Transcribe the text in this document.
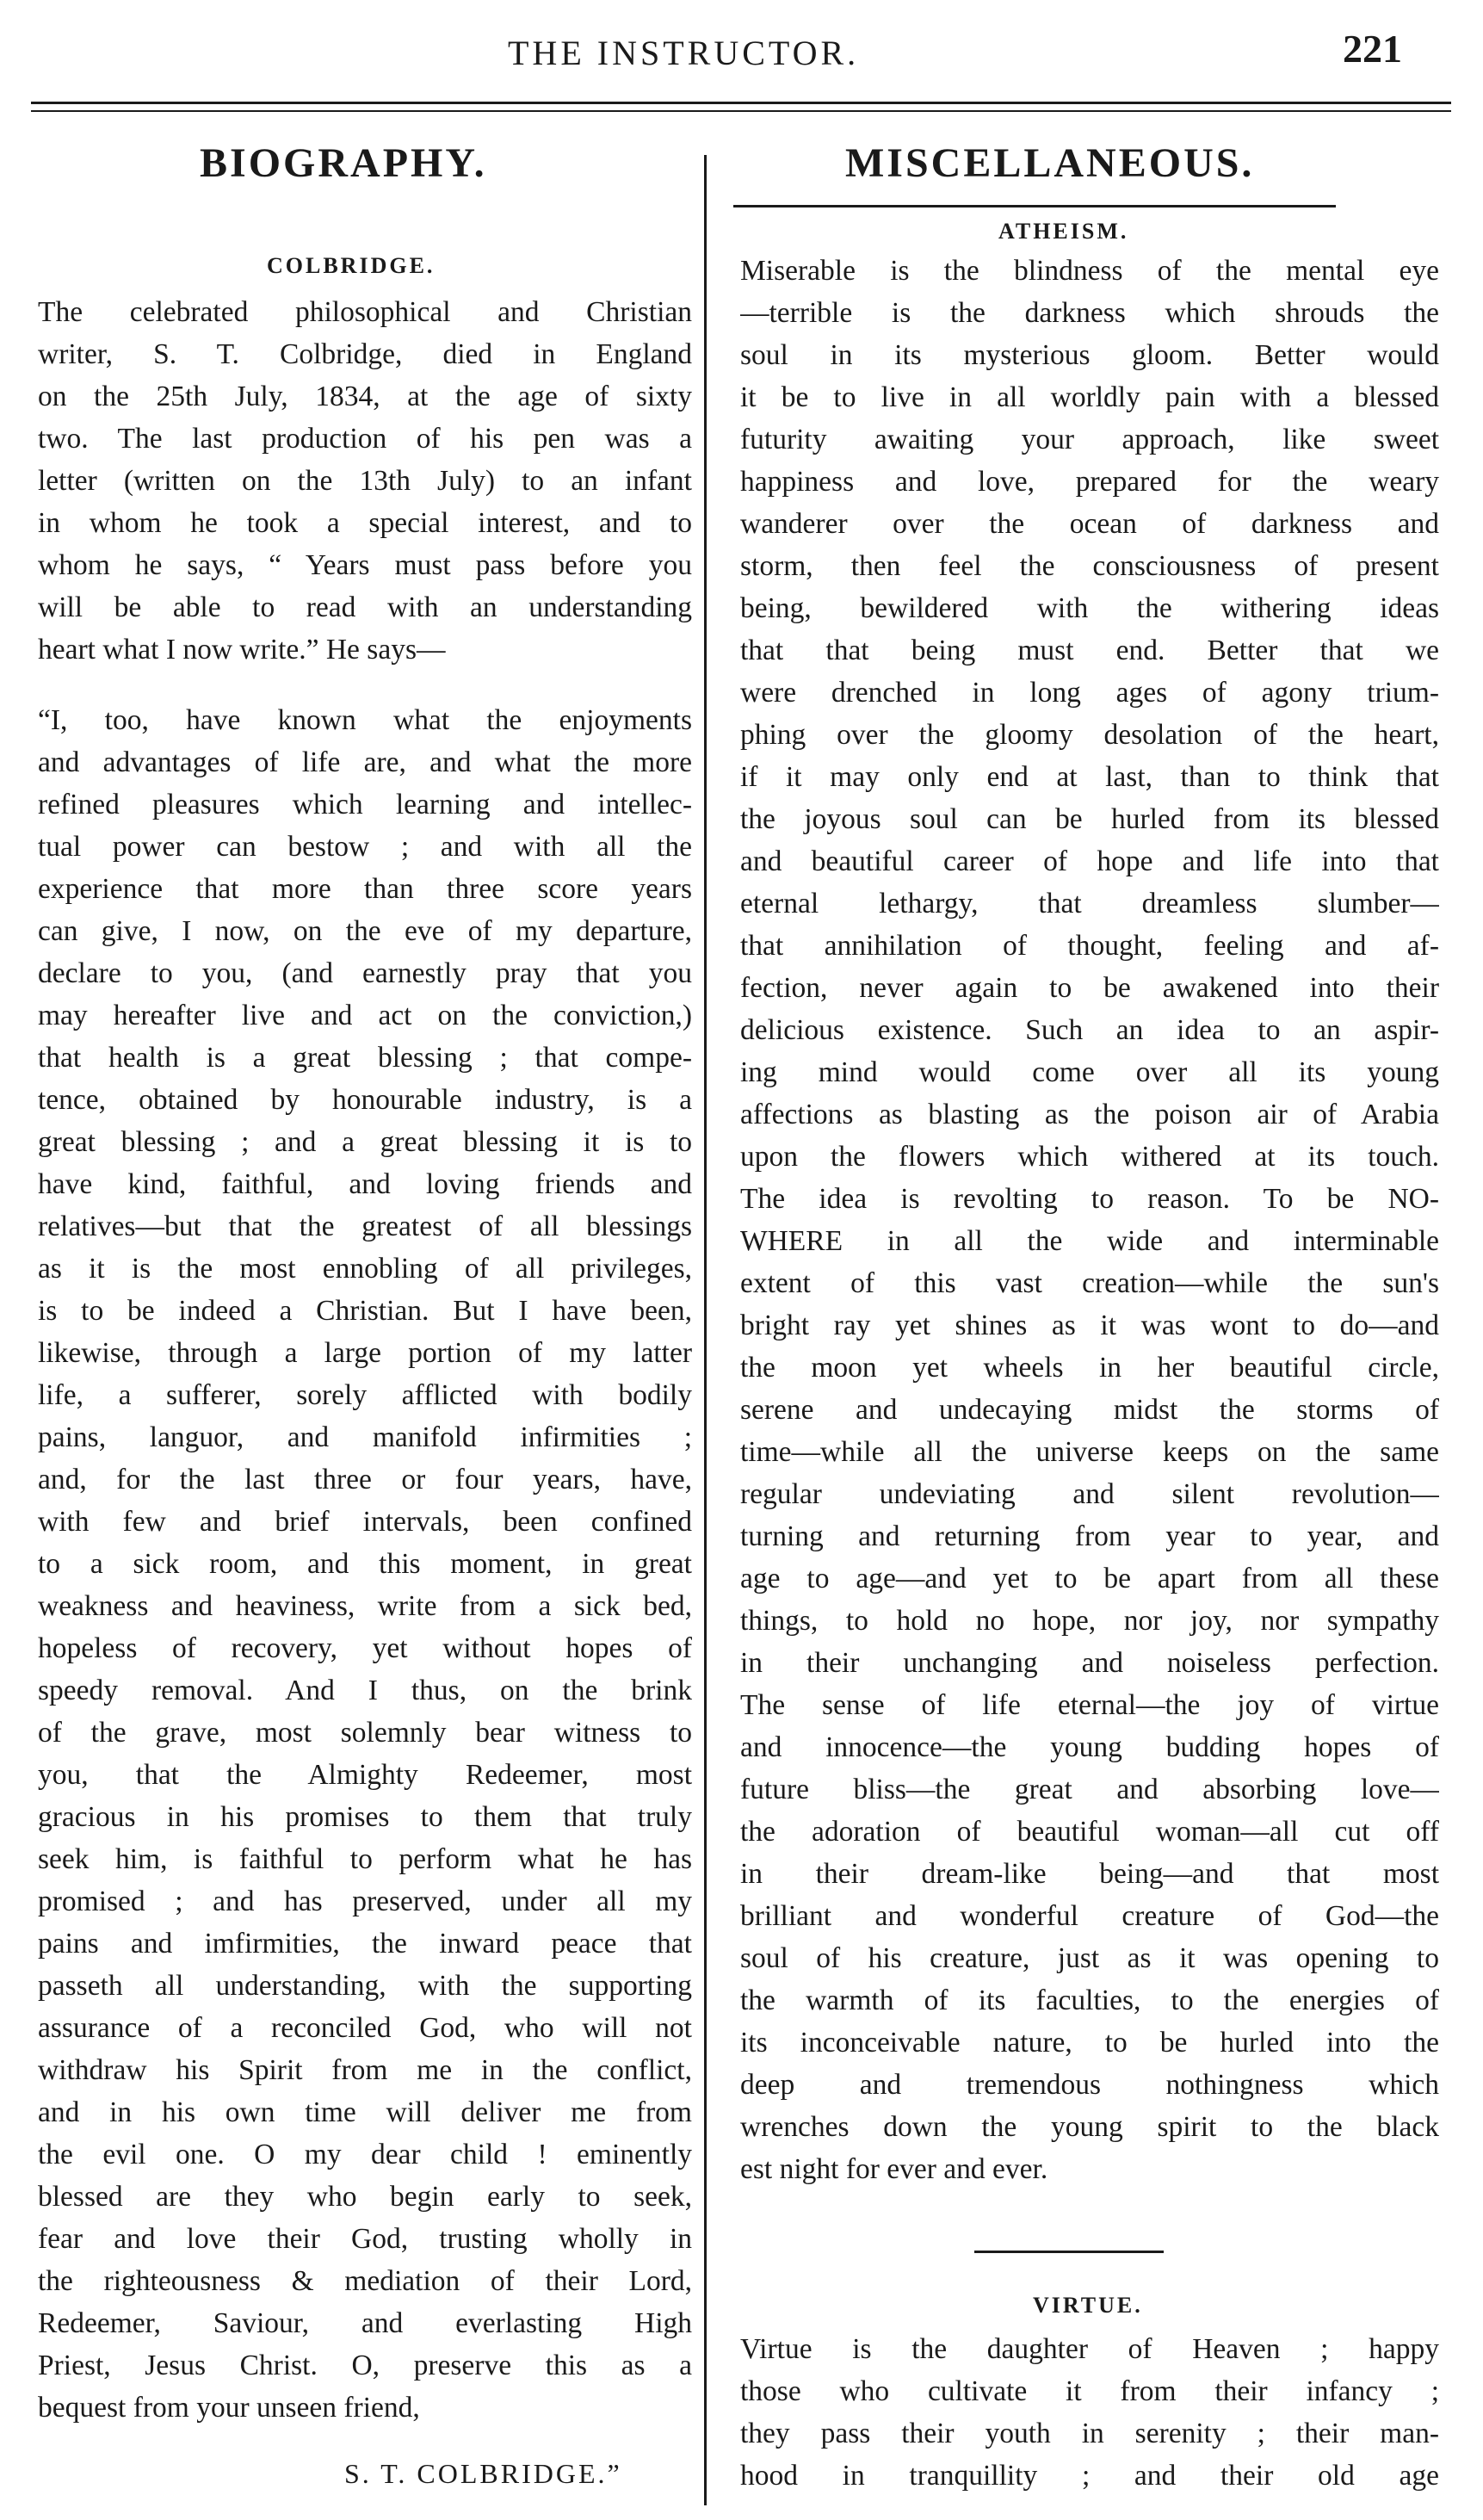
THE INSTRUCTOR.	221
BIOGRAPHY.
COLBRIDGE.
The celebrated philosophical and Christian
writer, S. T. Colbridge, died in England
on the 25th July, 1834, at the age of sixty
two. The last production of his pen was a
letter (written on the 13th July) to an infant
in whom he took a special interest, and to
whom he says, “ Years must pass before you
will be able to read with an understanding
heart what I now write.” He says—
“I, too, have known what the enjoyments
and advantages of life are, and what the more
refined pleasures which learning and intellec-
tual power can bestow ; and with all the
experience that more than three score years
can give, I now, on the eve of my departure,
declare to you, (and earnestly pray that you
may hereafter live and act on the conviction,)
that health is a great blessing ; that compe-
tence, obtained by honourable industry, is a
great blessing ; and a great blessing it is to
have kind, faithful, and loving friends and
relatives—but that the greatest of all blessings
as it is the most ennobling of all privileges,
is to be indeed a Christian. But I have been,
likewise, through a large portion of my latter
life, a sufferer, sorely afflicted with bodily
pains, languor, and manifold infirmities ;
and, for the last three or four years, have,
with few and brief intervals, been confined
to a sick room, and this moment, in great
weakness and heaviness, write from a sick bed,
hopeless of recovery, yet without hopes of
speedy removal. And I thus, on the brink
of the grave, most solemnly bear witness to
you, that the Almighty Redeemer, most
gracious in his promises to them that truly
seek him, is faithful to perform what he has
promised ; and has preserved, under all my
pains and imfirmities, the inward peace that
passeth all understanding, with the supporting
assurance of a reconciled God, who will not
withdraw his Spirit from me in the conflict,
and in his own time will deliver me from
the evil one. O my dear child ! eminently
blessed are they who begin early to seek,
fear and love their God, trusting wholly in
the righteousness & mediation of their Lord,
Redeemer, Saviour, and everlasting High
Priest, Jesus Christ. O, preserve this as a
bequest from your unseen friend,
S. T. COLBRIDGE.”
MISCELLANEOUS.
ATHEISM.
Miserable is the blindness of the mental eye
—terrible is the darkness which shrouds the
soul in its mysterious gloom. Better would
it be to live in all worldly pain with a blessed
futurity awaiting your approach, like sweet
happiness and love, prepared for the weary
wanderer over the ocean of darkness and
storm, then feel the consciousness of present
being, bewildered with the withering ideas
that that being must end. Better that we
were drenched in long ages of agony trium-
phing over the gloomy desolation of the heart,
if it may only end at last, than to think that
the joyous soul can be hurled from its blessed
and beautiful career of hope and life into that
eternal lethargy, that dreamless slumber—
that annihilation of thought, feeling and af-
fection, never again to be awakened into their
delicious existence. Such an idea to an aspir-
ing mind would come over all its young
affections as blasting as the poison air of Arabia
upon the flowers which withered at its touch.
The idea is revolting to reason. To be NO-
WHERE in all the wide and interminable
extent of this vast creation—while the sun's
bright ray yet shines as it was wont to do—and
the moon yet wheels in her beautiful circle,
serene and undecaying midst the storms of
time—while all the universe keeps on the same
regular undeviating and silent revolution—
turning and returning from year to year, and
age to age—and yet to be apart from all these
things, to hold no hope, nor joy, nor sympathy
in their unchanging and noiseless perfection.
The sense of life eternal—the joy of virtue
and innocence—the young budding hopes of
future bliss—the great and absorbing love—
the adoration of beautiful woman—all cut off
in their dream-like being—and that most
brilliant and wonderful creature of God—the
soul of his creature, just as it was opening to
the warmth of its faculties, to the energies of
its inconceivable nature, to be hurled into the
deep and tremendous nothingness which
wrenches down the young spirit to the black
est night for ever and ever.
VIRTUE.
Virtue is the daughter of Heaven ; happy
those who cultivate it from their infancy ;
they pass their youth in serenity ; their man-
hood in tranquillity ; and their old age
